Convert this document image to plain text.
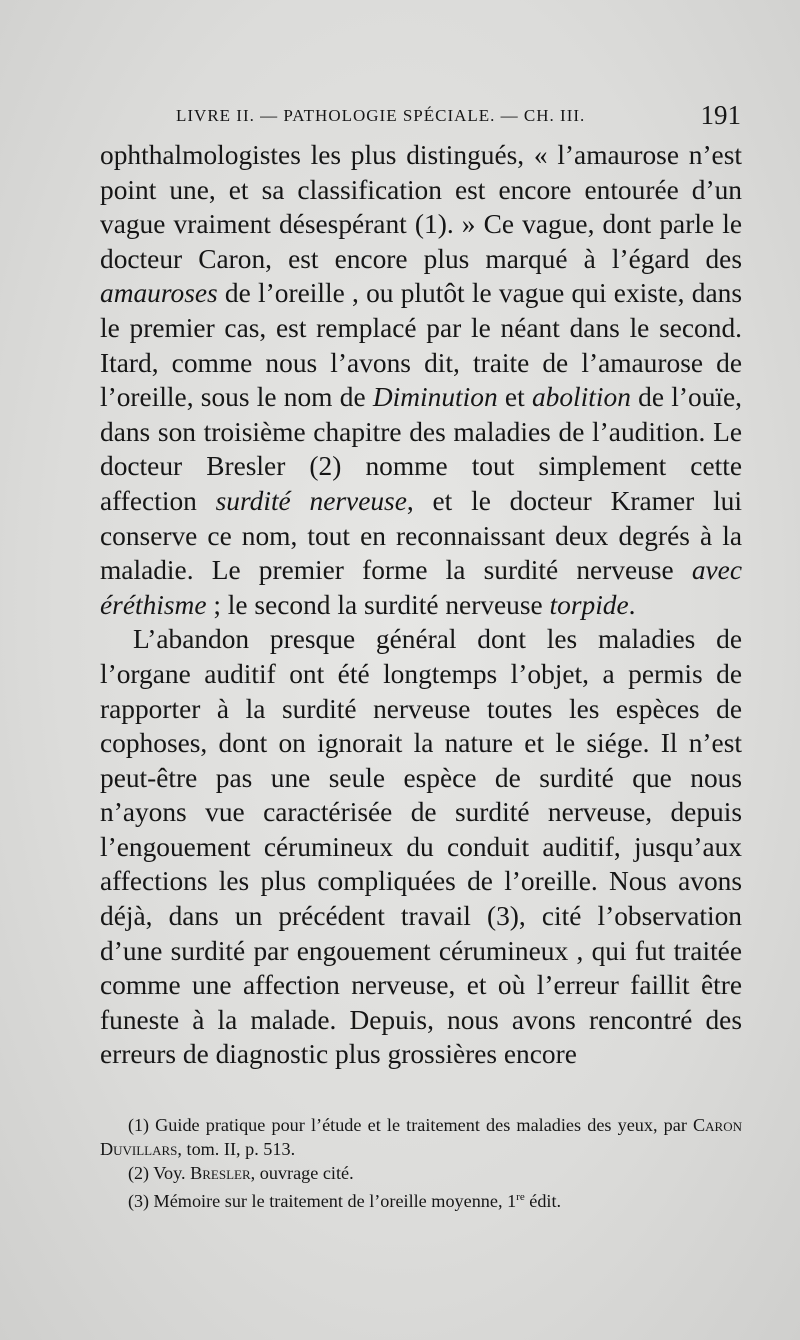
LIVRE II. — PATHOLOGIE SPÉCIALE. — CH. III.	191

ophthalmologistes les plus distingués, « l’amaurose n’est point une, et sa classification est encore entourée d’un vague vraiment désespérant (1). » Ce vague, dont parle le docteur Caron, est encore plus marqué à l’égard des amauroses de l’oreille , ou plutôt le vague qui existe, dans le premier cas, est remplacé par le néant dans le second. Itard, comme nous l’avons dit, traite de l’amaurose de l’oreille, sous le nom de Diminution et abolition de l’ouïe, dans son troisième chapitre des maladies de l’audition. Le docteur Bresler (2) nomme tout simplement cette affection surdité nerveuse, et le docteur Kramer lui conserve ce nom, tout en reconnaissant deux degrés à la maladie. Le premier forme la surdité nerveuse avec éréthisme ; le second la surdité nerveuse torpide.

L’abandon presque général dont les maladies de l’organe auditif ont été longtemps l’objet, a permis de rapporter à la surdité nerveuse toutes les espèces de cophoses, dont on ignorait la nature et le siége. Il n’est peut-être pas une seule espèce de surdité que nous n’ayons vue caractérisée de surdité nerveuse, depuis l’engouement cérumineux du conduit auditif, jusqu’aux affections les plus compliquées de l’oreille. Nous avons déjà, dans un précédent travail (3), cité l’observation d’une surdité par engouement cérumineux , qui fut traitée comme une affection nerveuse, et où l’erreur faillit être funeste à la malade. Depuis, nous avons rencontré des erreurs de diagnostic plus grossières encore

(1) Guide pratique pour l’étude et le traitement des maladies des yeux, par Caron Duvillars, tom. II, p. 513.

(2) Voy. Bresler, ouvrage cité.

(3) Mémoire sur le traitement de l’oreille moyenne, 1re édit.
